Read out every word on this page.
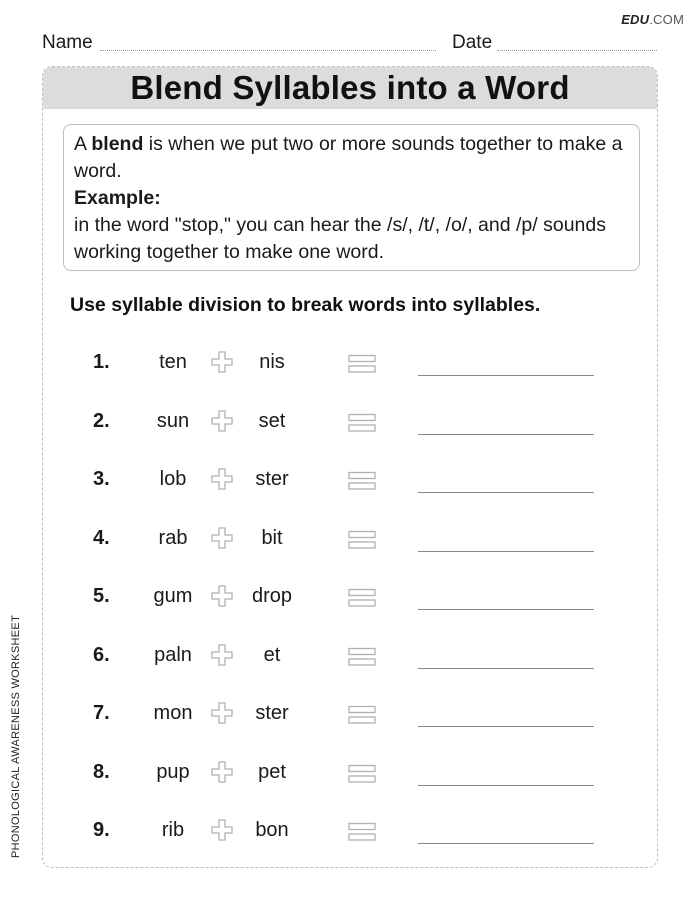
EDU.COM
Name	Date
Blend Syllables into a Word
A blend is when we put two or more sounds together to make a word.
Example:
in the word "stop," you can hear the /s/, /t/, /o/, and /p/ sounds working together to make one word.
Use syllable division to break words into syllables.
1.	ten	nis
2.	sun	set
3.	lob	ster
4.	rab	bit
5.	gum	drop
6.	paln	et
7.	mon	ster
8.	pup	pet
9.	rib	bon
PHONOLOGICAL AWARENESS WORKSHEET
